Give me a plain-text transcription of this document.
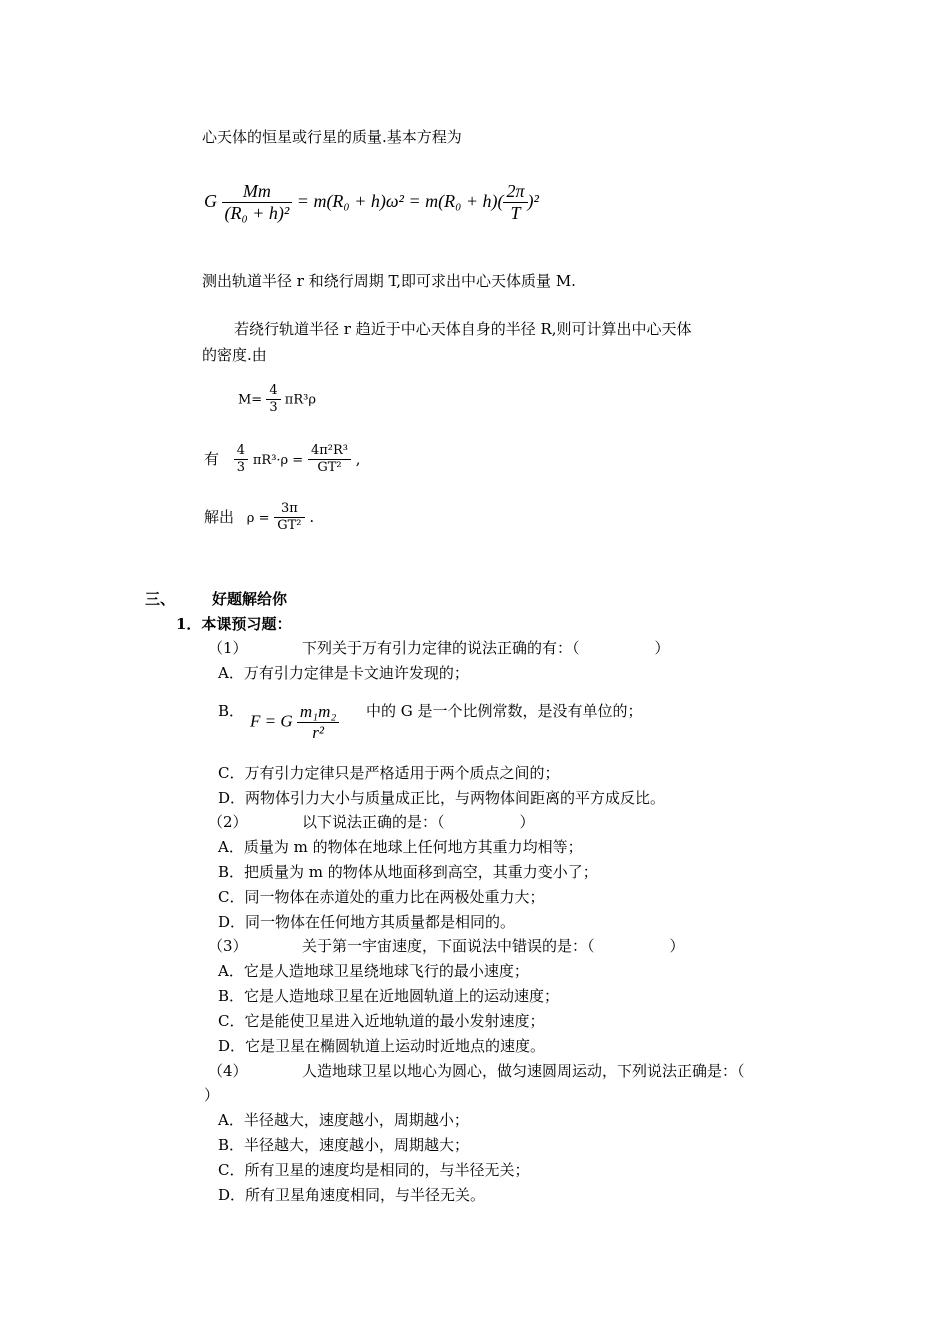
心天体的恒星或行星的质量.基本方程为
G $\frac{Mm}{\text{(R₀ + h)²}} = m(R_0 + h)\omega^2 = m(R_0 + h)( \frac{2\pi}{T} )^2$
测出轨道半径 r 和绕行周期 T,即可求出中心天体质量 M.
若绕行轨道半径 r 趋近于中心天体自身的半径 R,则可计算出中心天体
的密度.由
$M= \frac{4}{3} \pi R^3\rho$
有 $\frac{4}{3} \pi R^3\cdot\rho = \frac{\text{4π²R³}}{\text{GT²}}$ ,
解出 $\rho = \frac{3\pi}{\text{GT²}}$ .
三、 好题解给你
1．本课预习题：
（1）	下列关于万有引力定律的说法正确的有：（　　　　　）
A．万有引力定律是卡文迪许发现的；
B．
F = G $\frac{\text{m₁m₂}}{\text{r²}}$ 中的 G 是一个比例常数，是没有单位的；
C．万有引力定律只是严格适用于两个质点之间的；
D．两物体引力大小与质量成正比，与两物体间距离的平方成反比。
（2）	以下说法正确的是：（　　　　　）
A．质量为 m 的物体在地球上任何地方其重力均相等；
B．把质量为 m 的物体从地面移到高空，其重力变小了；
C．同一物体在赤道处的重力比在两极处重力大；
D．同一物体在任何地方其质量都是相同的。
（3）	关于第一宇宙速度，下面说法中错误的是：（　　　　　）
A．它是人造地球卫星绕地球飞行的最小速度；
B．它是人造地球卫星在近地圆轨道上的运动速度；
C．它是能使卫星进入近地轨道的最小发射速度；
D．它是卫星在椭圆轨道上运动时近地点的速度。
（4）	人造地球卫星以地心为圆心，做匀速圆周运动，下列说法正确是：（
）
A．半径越大，速度越小，周期越小；
B．半径越大，速度越小，周期越大；
C．所有卫星的速度均是相同的，与半径无关；
D．所有卫星角速度相同，与半径无关。
